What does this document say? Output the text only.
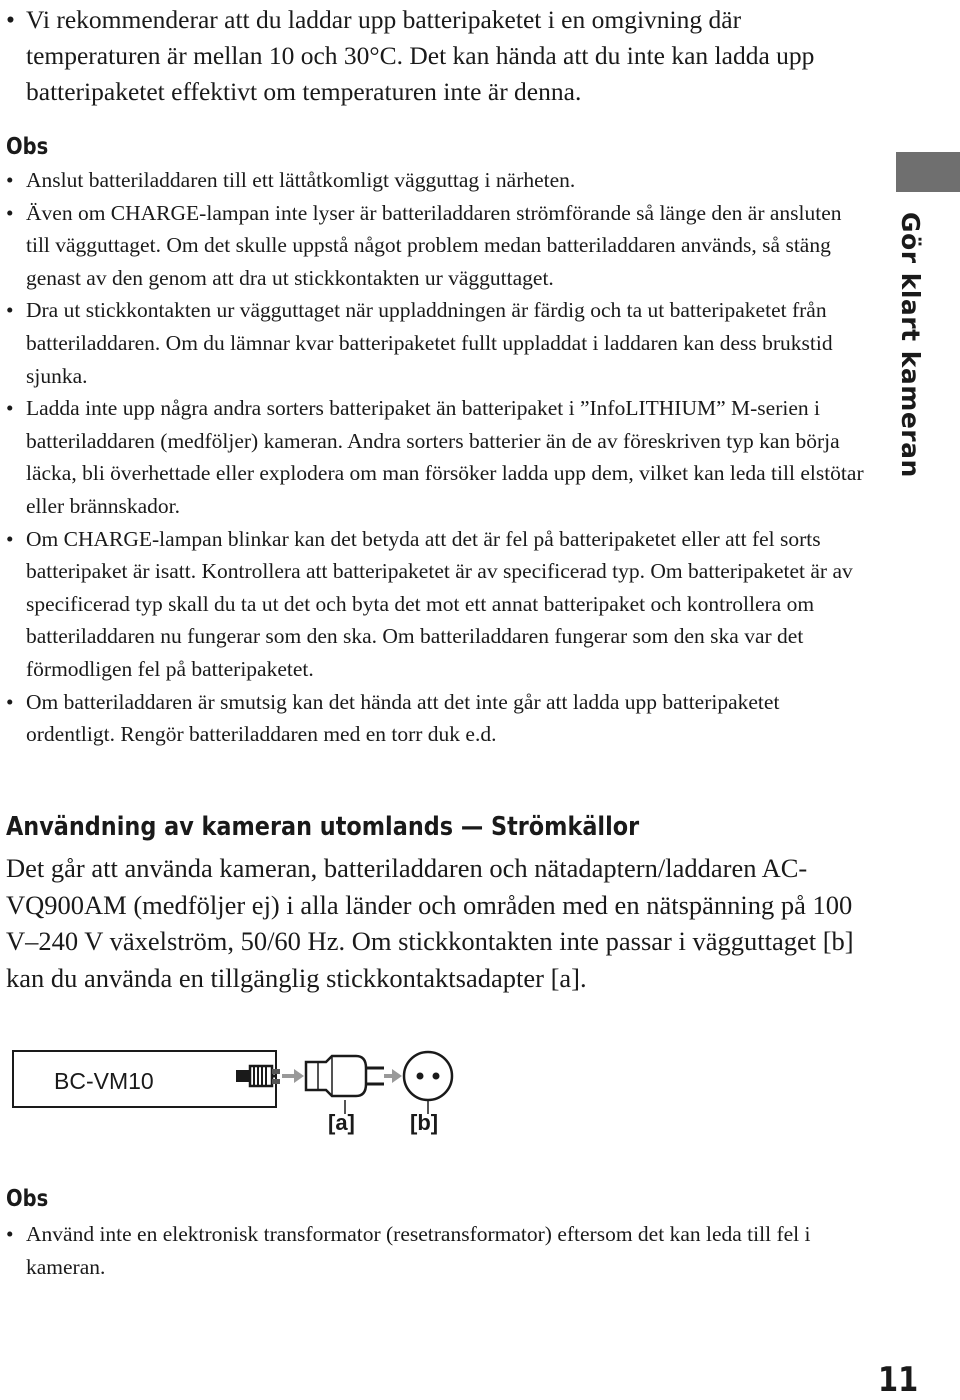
Gör klart kameran
• Vi rekommenderar att du laddar upp batteripaketet i en omgivning där temperaturen är mellan 10 och 30°C. Det kan hända att du inte kan ladda upp batteripaketet effektivt om temperaturen inte är denna.
Obs
• Anslut batteriladdaren till ett lättåtkomligt vägguttag i närheten.
• Även om CHARGE-lampan inte lyser är batteriladdaren strömförande så länge den är ansluten till vägguttaget. Om det skulle uppstå något problem medan batteriladdaren används, så stäng genast av den genom att dra ut stickkontakten ur vägguttaget.
• Dra ut stickkontakten ur vägguttaget när uppladdningen är färdig och ta ut batteripaketet från batteriladdaren. Om du lämnar kvar batteripaketet fullt uppladdat i laddaren kan dess brukstid sjunka.
• Ladda inte upp några andra sorters batteripaket än batteripaket i ”InfoLITHIUM” M-serien i batteriladdaren (medföljer) kameran. Andra sorters batterier än de av föreskriven typ kan börja läcka, bli överhettade eller explodera om man försöker ladda upp dem, vilket kan leda till elstötar eller brännskador.
• Om CHARGE-lampan blinkar kan det betyda att det är fel på batteripaketet eller att fel sorts batteripaket är isatt. Kontrollera att batteripaketet är av specificerad typ. Om batteripaketet är av specificerad typ skall du ta ut det och byta det mot ett annat batteripaket och kontrollera om batteriladdaren nu fungerar som den ska. Om batteriladdaren fungerar som den ska var det förmodligen fel på batteripaketet.
• Om batteriladdaren är smutsig kan det hända att det inte går att ladda upp batteripaketet ordentligt. Rengör batteriladdaren med en torr duk e.d.
Användning av kameran utomlands — Strömkällor

Det går att använda kameran, batteriladdaren och nätadaptern/laddaren AC-VQ900AM (medföljer ej) i alla länder och områden med en nätspänning på 100 V–240 V växelström, 50/60 Hz. Om stickkontakten inte passar i vägguttaget [b] kan du använda en tillgänglig stickkontaktsadapter [a].

BC-VM10
[a]	[b]
Obs
• Använd inte en elektronisk transformator (resetransformator) eftersom det kan leda till fel i kameran.
11
